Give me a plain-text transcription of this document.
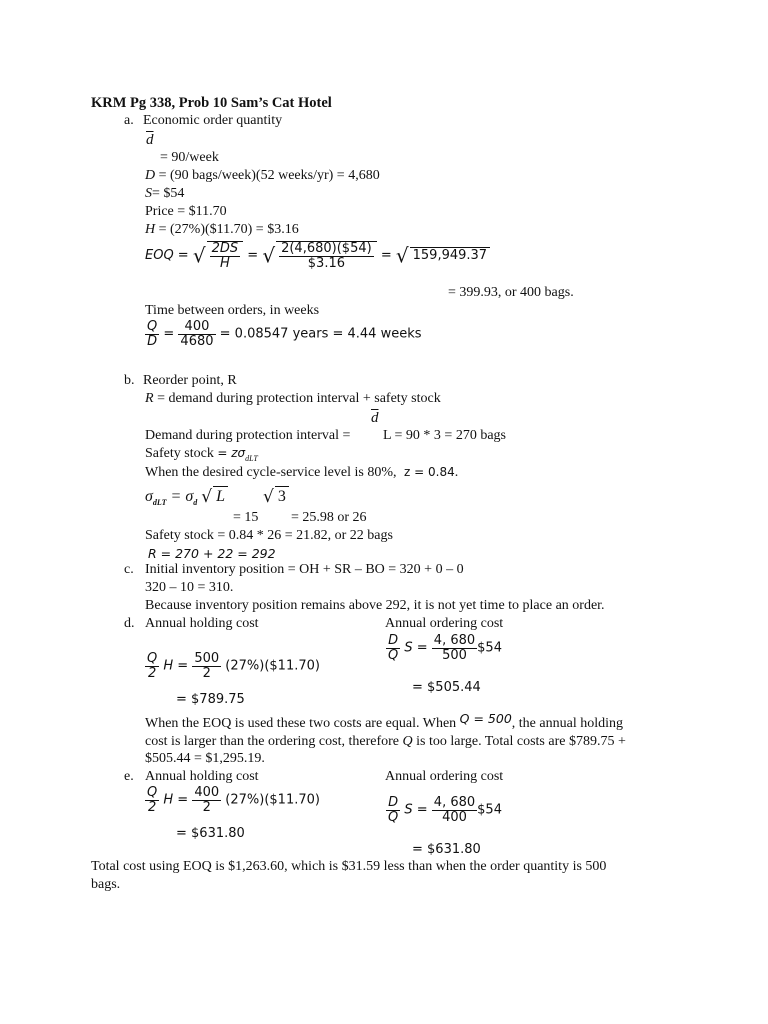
KRM Pg 338, Prob 10 Sam’s Cat Hotel
a. Economic order quantity
$\overline{d}$
= 90/week
D = (90 bags/week)(52 weeks/yr) = 4,680
S= $54
Price = $11.70
H = (27%)($11.70) = $3.16
EOQ = √ $\frac{2DS}{H}$ = √ $\frac{2(4,680)(\$54)}{\$3.16}$ = √ 159,949.37
= 399.93, or 400 bags.
Time between orders, in weeks
$\frac{Q}{D} = \frac{400}{4680} = 0.08547$ years = 4.44 weeks
b. Reorder point, R
R = demand during protection interval + safety stock
$\overline{d}$
Demand during protection interval = L = 90 * 3 = 270 bags
Safety stock = $z\sigma_{dLT}$
When the desired cycle-service level is 80%, z = 0.84.
$\sigma_{dLT} = \sigma_d$ √ L √ 3
= 15 = 25.98 or 26
Safety stock = 0.84 * 26 = 21.82, or 22 bags
R = 270 + 22 = 292
c. Initial inventory position = OH + SR – BO = 320 + 0 – 0
320 – 10 = 310.
Because inventory position remains above 292, it is not yet time to place an order.
d. Annual holding cost	Annual ordering cost
$\frac{Q}{2}$ $H = \frac{500}{2}$ (27%)($11.70)
= $789.75
$\frac{D}{Q}$ $S = \frac{4, 680}{500}$ $54
= $505.44
When the EOQ is used these two costs are equal. When Q = 500, the annual holding
cost is larger than the ordering cost, therefore Q is too large. Total costs are $789.75 +
$505.44 = $1,295.19.
e. Annual holding cost	Annual ordering cost
$\frac{Q}{2}$ $H = \frac{400}{2}$ (27%)($11.70)
= $631.80
$\frac{D}{Q}$ $S = \frac{4, 680}{400}$ $54
= $631.80
Total cost using EOQ is $1,263.60, which is $31.59 less than when the order quantity is 500
bags.
